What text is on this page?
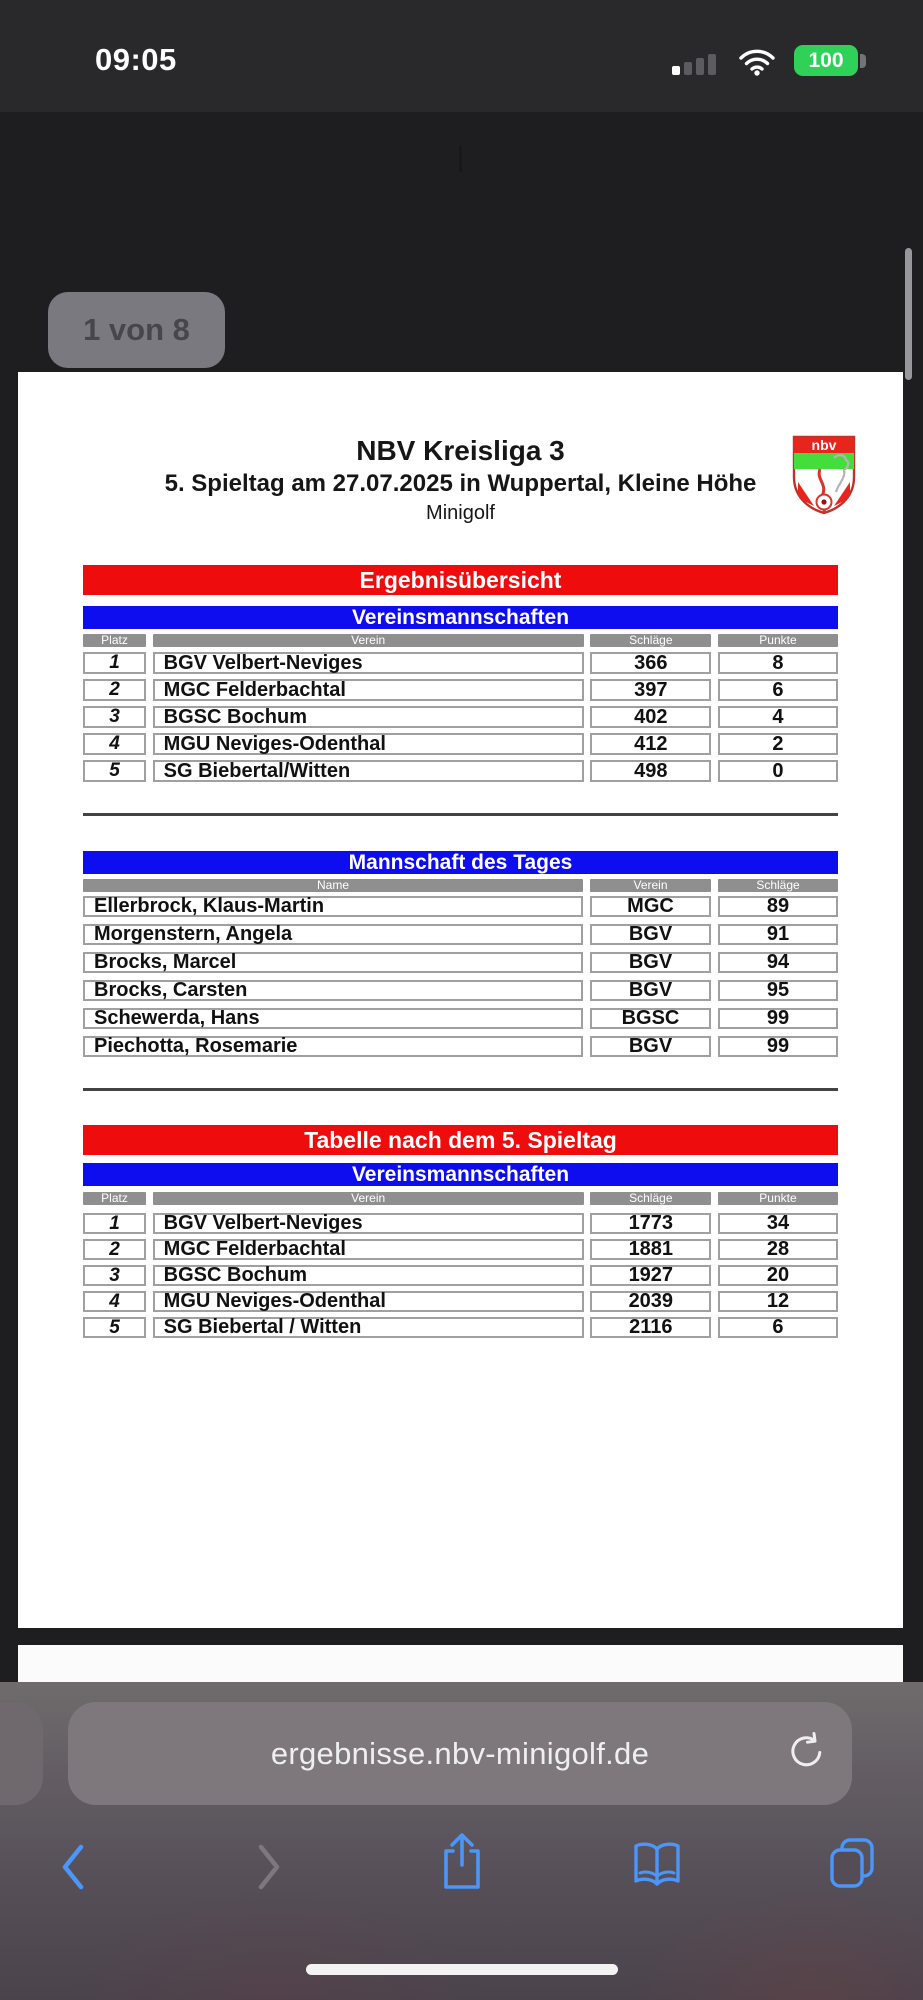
09:05	100
1 von 8
NBV Kreisliga 3
5. Spieltag am 27.07.2025 in Wuppertal, Kleine Höhe
Minigolf
nbv
Ergebnisübersicht
Vereinsmannschaften
Platz	Verein	Schläge	Punkte
1	BGV Velbert-Neviges	366	8
2	MGC Felderbachtal	397	6
3	BGSC Bochum	402	4
4	MGU Neviges-Odenthal	412	2
5	SG Biebertal/Witten	498	0
Mannschaft des Tages
Name	Verein	Schläge
Ellerbrock, Klaus-Martin	MGC	89
Morgenstern, Angela	BGV	91
Brocks, Marcel	BGV	94
Brocks, Carsten	BGV	95
Schewerda, Hans	BGSC	99
Piechotta, Rosemarie	BGV	99
Tabelle nach dem 5. Spieltag
Vereinsmannschaften
Platz	Verein	Schläge	Punkte
1	BGV Velbert-Neviges	1773	34
2	MGC Felderbachtal	1881	28
3	BGSC Bochum	1927	20
4	MGU Neviges-Odenthal	2039	12
5	SG Biebertal / Witten	2116	6
ergebnisse.nbv-minigolf.de
